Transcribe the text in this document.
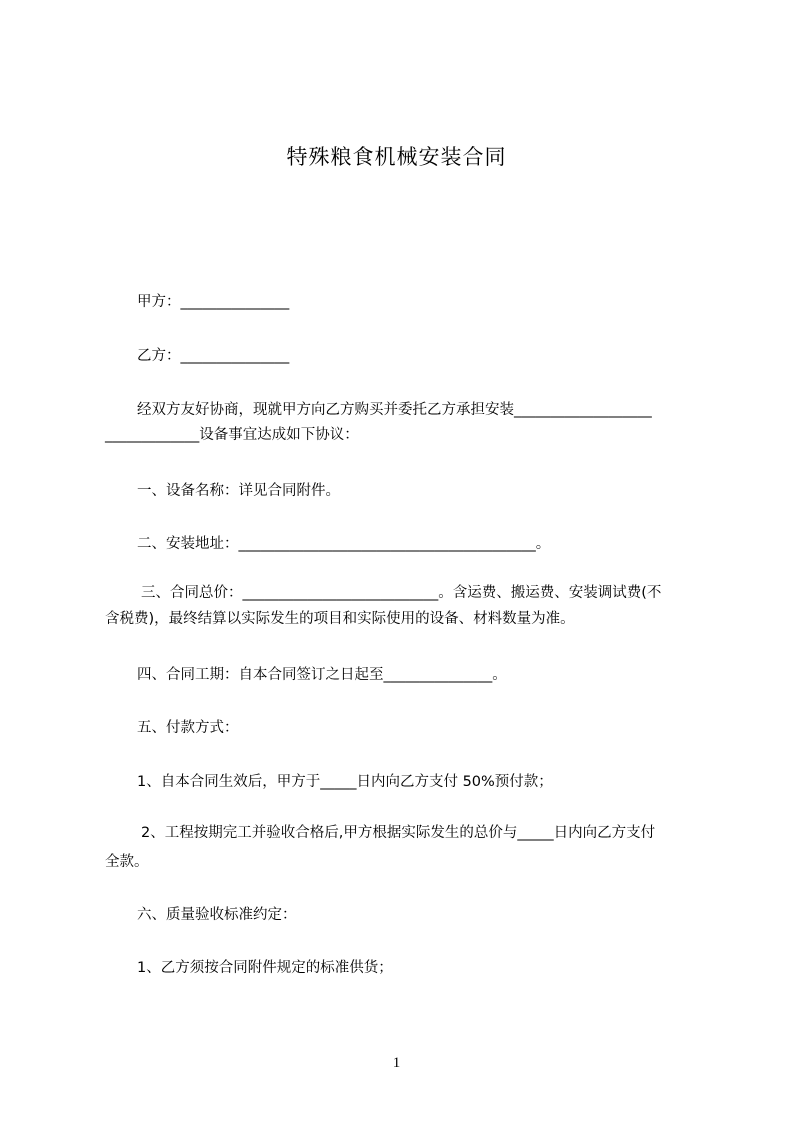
特殊粮食机械安装合同
甲方：_______________
乙方：_______________
经双方友好协商，现就甲方向乙方购买并委托乙方承担安装___________________
_____________设备事宜达成如下协议：
一、设备名称：详见合同附件。
二、安装地址：_________________________________________。
三、合同总价：___________________________。含运费、搬运费、安装调试费(不
含税费)，最终结算以实际发生的项目和实际使用的设备、材料数量为准。
四、合同工期：自本合同签订之日起至_______________。
五、付款方式：
1、自本合同生效后，甲方于_____日内向乙方支付 50%预付款；
2、工程按期完工并验收合格后,甲方根据实际发生的总价与_____日内向乙方支付
全款。
六、质量验收标准约定：
1、乙方须按合同附件规定的标准供货；
1
